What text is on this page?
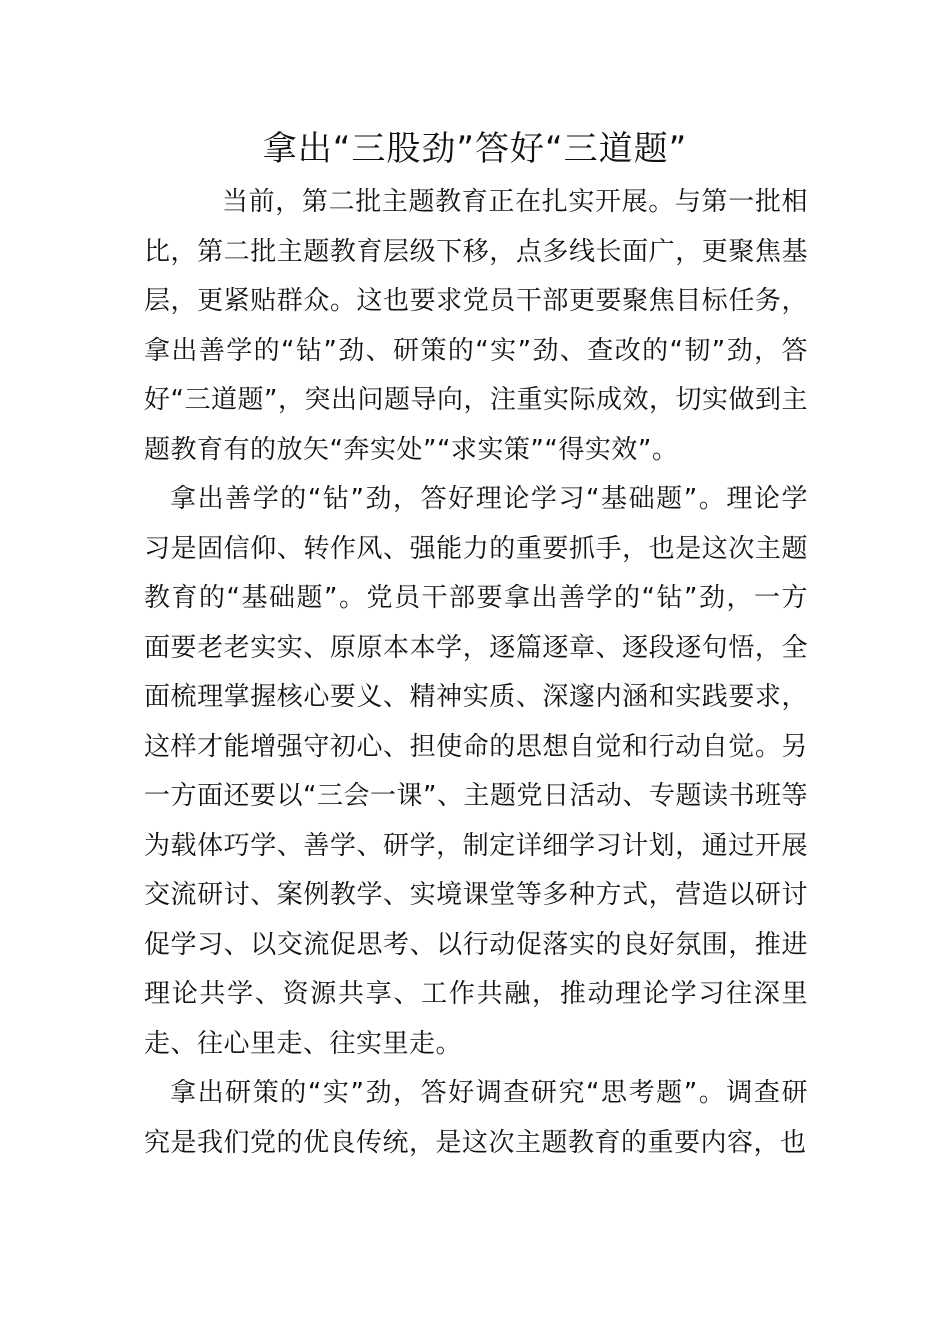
拿出“三股劲”答好“三道题”

当前，第二批主题教育正在扎实开展。与第一批相比，第二批主题教育层级下移，点多线长面广，更聚焦基层，更紧贴群众。这也要求党员干部更要聚焦目标任务，拿出善学的“钻”劲、研策的“实”劲、查改的“韧”劲，答好“三道题”，突出问题导向，注重实际成效，切实做到主题教育有的放矢“奔实处”“求实策”“得实效”。

拿出善学的“钻”劲，答好理论学习“基础题”。理论学习是固信仰、转作风、强能力的重要抓手，也是这次主题教育的“基础题”。党员干部要拿出善学的“钻”劲，一方面要老老实实、原原本本学，逐篇逐章、逐段逐句悟，全面梳理掌握核心要义、精神实质、深邃内涵和实践要求，这样才能增强守初心、担使命的思想自觉和行动自觉。另一方面还要以“三会一课”、主题党日活动、专题读书班等为载体巧学、善学、研学，制定详细学习计划，通过开展交流研讨、案例教学、实境课堂等多种方式，营造以研讨促学习、以交流促思考、以行动促落实的良好氛围，推进理论共学、资源共享、工作共融，推动理论学习往深里走、往心里走、往实里走。

拿出研策的“实”劲，答好调查研究“思考题”。调查研究是我们党的优良传统，是这次主题教育的重要内容，也
